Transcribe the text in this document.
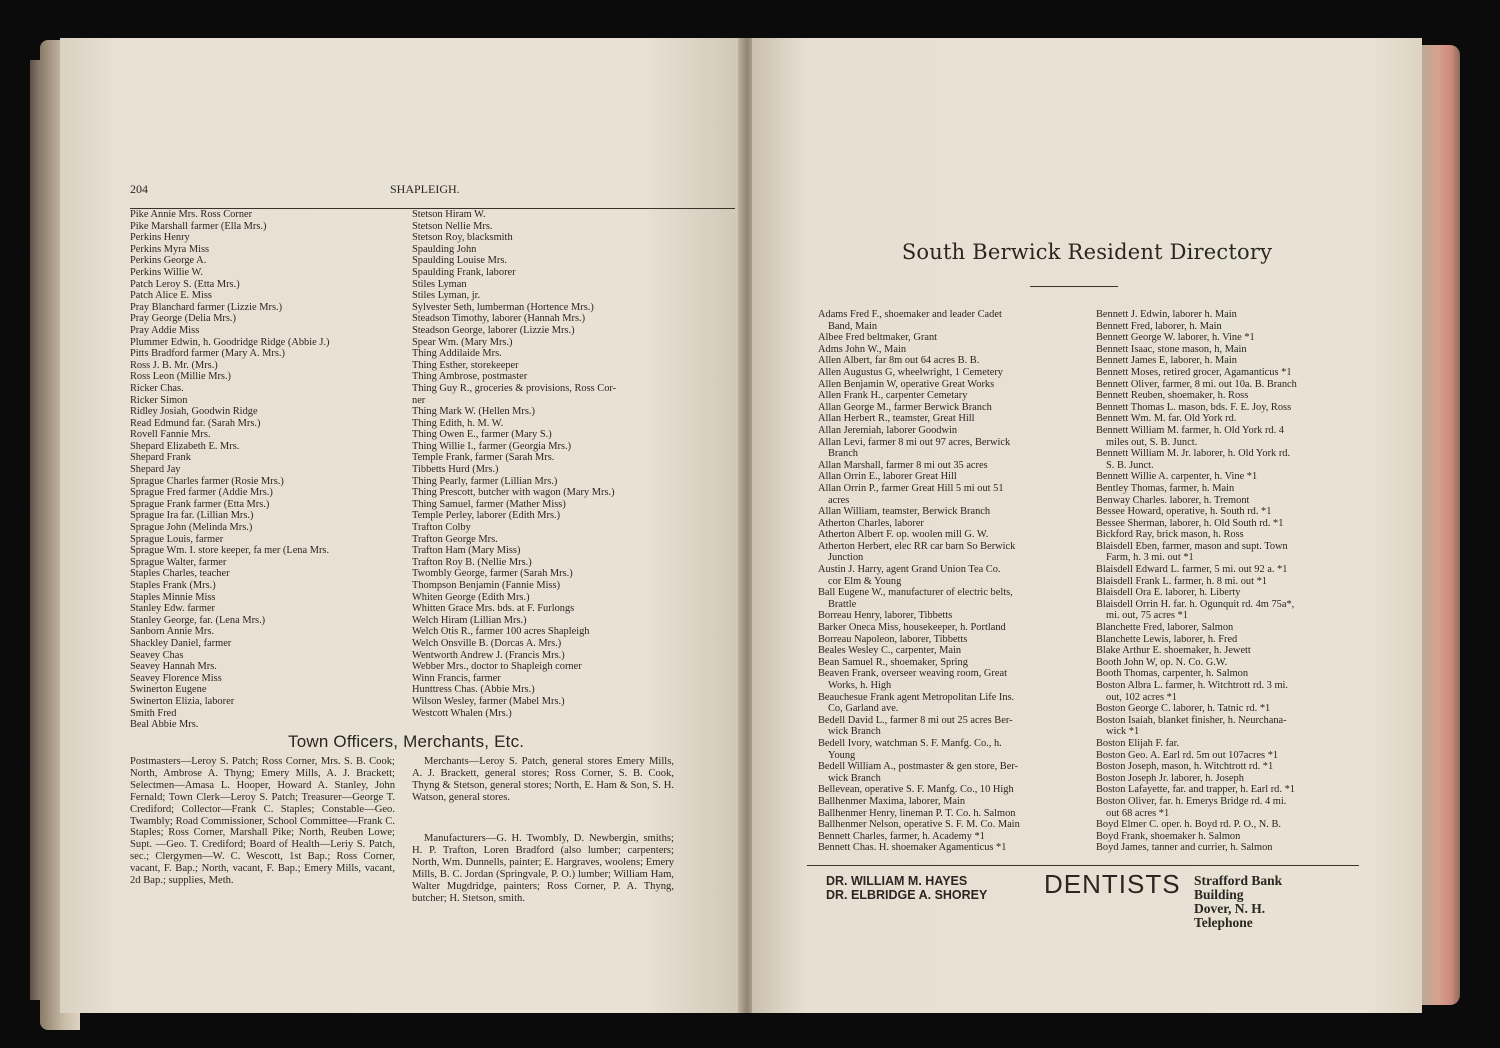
204	SHAPLEIGH.
Pike Annie Mrs. Ross Corner
Pike Marshall farmer (Ella Mrs.)
Perkins Henry
Perkins Myra Miss
Perkins George A.
Perkins Willie W.
Patch Leroy S. (Etta Mrs.)
Patch Alice E. Miss
Pray Blanchard farmer (Lizzie Mrs.)
Pray George (Delia Mrs.)
Pray Addie Miss
Plummer Edwin, h. Goodridge Ridge (Abbie J.)
Pitts Bradford farmer (Mary A. Mrs.)
Ross J. B. Mr. (Mrs.)
Ross Leon (Millie Mrs.)
Ricker Chas.
Ricker Simon
Ridley Josiah, Goodwin Ridge
Read Edmund far. (Sarah Mrs.)
Rovell Fannie Mrs.
Shepard Elizabeth E. Mrs.
Shepard Frank
Shepard Jay
Sprague Charles farmer (Rosie Mrs.)
Sprague Fred farmer (Addie Mrs.)
Sprague Frank farmer (Etta Mrs.)
Sprague Ira far. (Lillian Mrs.)
Sprague John (Melinda Mrs.)
Sprague Louis, farmer
Sprague Wm. I. store keeper, fa mer (Lena Mrs.
Sprague Walter, farmer
Staples Charles, teacher
Staples Frank (Mrs.)
Staples Minnie Miss
Stanley Edw. farmer
Stanley George, far. (Lena Mrs.)
Sanborn Annie Mrs.
Shackley Daniel, farmer
Seavey Chas
Seavey Hannah Mrs.
Seavey Florence Miss
Swinerton Eugene
Swinerton Elizia, laborer
Smith Fred
Beal Abbie Mrs.
Stetson Hiram W.
Stetson Nellie Mrs.
Stetson Roy, blacksmith
Spaulding John
Spaulding Louise Mrs.
Spaulding Frank, laborer
Stiles Lyman
Stiles Lyman, jr.
Sylvester Seth, lumberman (Hortence Mrs.)
Steadson Timothy, laborer (Hannah Mrs.)
Steadson George, laborer (Lizzie Mrs.)
Spear Wm. (Mary Mrs.)
Thing Addilaide Mrs.
Thing Esther, storekeeper
Thing Ambrose, postmaster
Thing Guy R., groceries & provisions, Ross Cor-
ner
Thing Mark W. (Hellen Mrs.)
Thing Edith, h. M. W.
Thing Owen E., farmer (Mary S.)
Thing Willie I., farmer (Georgia Mrs.)
Temple Frank, farmer (Sarah Mrs.
Tibbetts Hurd (Mrs.)
Thing Pearly, farmer (Lillian Mrs.)
Thing Prescott, butcher with wagon (Mary Mrs.)
Thing Samuel, farmer (Mather Miss)
Temple Perley, laborer (Edith Mrs.)
Trafton Colby
Trafton George Mrs.
Trafton Ham (Mary Miss)
Trafton Roy B. (Nellie Mrs.)
Twombly George, farmer (Sarah Mrs.)
Thompson Benjamin (Fannie Miss)
Whiten George (Edith Mrs.)
Whitten Grace Mrs. bds. at F. Furlongs
Welch Hiram (Lillian Mrs.)
Welch Otis R., farmer 100 acres Shapleigh
Welch Onsville B. (Dorcas A. Mrs.)
Wentworth Andrew J. (Francis Mrs.)
Webber Mrs., doctor to Shapleigh corner
Winn Francis, farmer
Hunttress Chas. (Abbie Mrs.)
Wilson Wesley, farmer (Mabel Mrs.)
Westcott Whalen (Mrs.)
Town Officers, Merchants, Etc.
Postmasters—Leroy S. Patch; Ross Corner, Mrs. S. B. Cook; North, Ambrose A. Thyng; Emery Mills, A. J. Brackett; Selectmen—Amasa L. Hooper, Howard A. Stanley, John Fernald; Town Clerk—Leroy S. Patch; Treasurer—George T. Crediford; Collector—Frank C. Staples; Constable—Geo. Twambly; Road Commissioner, School Committee—Frank C. Staples; Ross Corner, Marshall Pike; North, Reuben Lowe; Supt. —Geo. T. Crediford; Board of Health—Leriy S. Patch, sec.; Clergymen—W. C. Wescott, 1st Bap.; Ross Corner, vacant, F. Bap.; North, vacant, F. Bap.; Emery Mills, vacant, 2d Bap.; supplies, Meth.
Merchants—Leroy S. Patch, general stores Emery Mills, A. J. Brackett, general stores; Ross Corner, S. B. Cook, Thyng & Stetson, general stores; North, E. Ham & Son, S. H. Watson, general stores.
Manufacturers—G. H. Twombly, D. Newbergin, smiths; H. P. Trafton, Loren Bradford (also lumber; carpenters; North, Wm. Dunnells, painter; E. Hargraves, woolens; Emery Mills, B. C. Jordan (Springvale, P. O.) lumber; William Ham, Walter Mugdridge, painters; Ross Corner, P. A. Thyng, butcher; H. Stetson, smith.
South Berwick Resident Directory
Adams Fred F., shoemaker and leader Cadet
Band, Main
Albee Fred beltmaker, Grant
Adms John W., Main
Allen Albert, far 8m out 64 acres B. B.
Allen Augustus G, wheelwright, 1 Cemetery
Allen Benjamin W, operative Great Works
Allen Frank H., carpenter Cemetary
Allan George M., farmer Berwick Branch
Allan Herbert R., teamster, Great Hill
Allan Jeremiah, laborer Goodwin
Allan Levi, farmer 8 mi out 97 acres, Berwick
Branch
Allan Marshall, farmer 8 mi out 35 acres
Allan Orrin E., laborer Great Hill
Allan Orrin P., farmer Great Hill 5 mi out 51
acres
Allan William, teamster, Berwick Branch
Atherton Charles, laborer
Atherton Albert F. op. woolen mill G. W.
Atherton Herbert, elec RR car barn So Berwick
Junction
Austin J. Harry, agent Grand Union Tea Co.
cor Elm & Young
Ball Eugene W., manufacturer of electric belts,
Brattle
Borreau Henry, laborer, Tibbetts
Barker Oneca Miss, housekeeper, h. Portland
Borreau Napoleon, laborer, Tibbetts
Beales Wesley C., carpenter, Main
Bean Samuel R., shoemaker, Spring
Beaven Frank, overseer weaving room, Great
Works, h. High
Beauchesue Frank agent Metropolitan Life Ins.
Co, Garland ave.
Bedell David L., farmer 8 mi out 25 acres Ber-
wick Branch
Bedell Ivory, watchman S. F. Manfg. Co., h.
Young
Bedell William A., postmaster & gen store, Ber-
wick Branch
Bellevean, operative S. F. Manfg. Co., 10 High
Ballhenmer Maxima, laborer, Main
Ballhenmer Henry, lineman P. T. Co. h. Salmon
Ballhenmer Nelson, operative S. F. M. Co. Main
Bennett Charles, farmer, h. Academy *1
Bennett Chas. H. shoemaker Agamenticus *1
Bennett J. Edwin, laborer h. Main
Bennett Fred, laborer, h. Main
Bennett George W. laborer, h. Vine *1
Bennett Isaac, stone mason, h, Main
Bennett James E, laborer, h. Main
Bennett Moses, retired grocer, Agamanticus *1
Bennett Oliver, farmer, 8 mi. out 10a. B. Branch
Bennett Reuben, shoemaker, h. Ross
Bennett Thomas L. mason, bds. F. E. Joy, Ross
Bennett Wm. M. far. Old York rd.
Bennett William M. farmer, h. Old York rd. 4
miles out, S. B. Junct.
Bennett William M. Jr. laborer, h. Old York rd.
S. B. Junct.
Bennett Willie A. carpenter, h. Vine *1
Bentley Thomas, farmer, h. Main
Benway Charles. laborer, h. Tremont
Bessee Howard, operative, h. South rd. *1
Bessee Sherman, laborer, h. Old South rd. *1
Bickford Ray, brick mason, h. Ross
Blaisdell Eben, farmer, mason and supt. Town
Farm, h. 3 mi. out *1
Blaisdell Edward L. farmer, 5 mi. out 92 a. *1
Blaisdell Frank L. farmer, h. 8 mi. out *1
Blaisdell Ora E. laborer, h. Liberty
Blaisdell Orrin H. far. h. Ogunquit rd. 4m 75a*,
mi. out, 75 acres *1
Blanchette Fred, laborer, Salmon
Blanchette Lewis, laborer, h. Fred
Blake Arthur E. shoemaker, h. Jewett
Booth John W, op. N. Co. G.W.
Booth Thomas, carpenter, h. Salmon
Boston Albra L. farmer, h. Witchtrott rd. 3 mi.
out, 102 acres *1
Boston George C. laborer, h. Tatnic rd. *1
Boston Isaiah, blanket finisher, h. Neurchana-
wick *1
Boston Elijah F. far.
Boston Geo. A. Earl rd. 5m out 107acres *1
Boston Joseph, mason, h. Witchtrott rd. *1
Boston Joseph Jr. laborer, h. Joseph
Boston Lafayette, far. and trapper, h. Earl rd. *1
Boston Oliver, far. h. Emerys Bridge rd. 4 mi.
out 68 acres *1
Boyd Elmer C. oper. h. Boyd rd. P. O., N. B.
Boyd Frank, shoemaker h. Salmon
Boyd James, tanner and currier, h. Salmon
DR. WILLIAM M. HAYES
DR. ELBRIDGE A. SHOREY DENTISTS Strafford Bank Building
Dover, N. H. Telephone
